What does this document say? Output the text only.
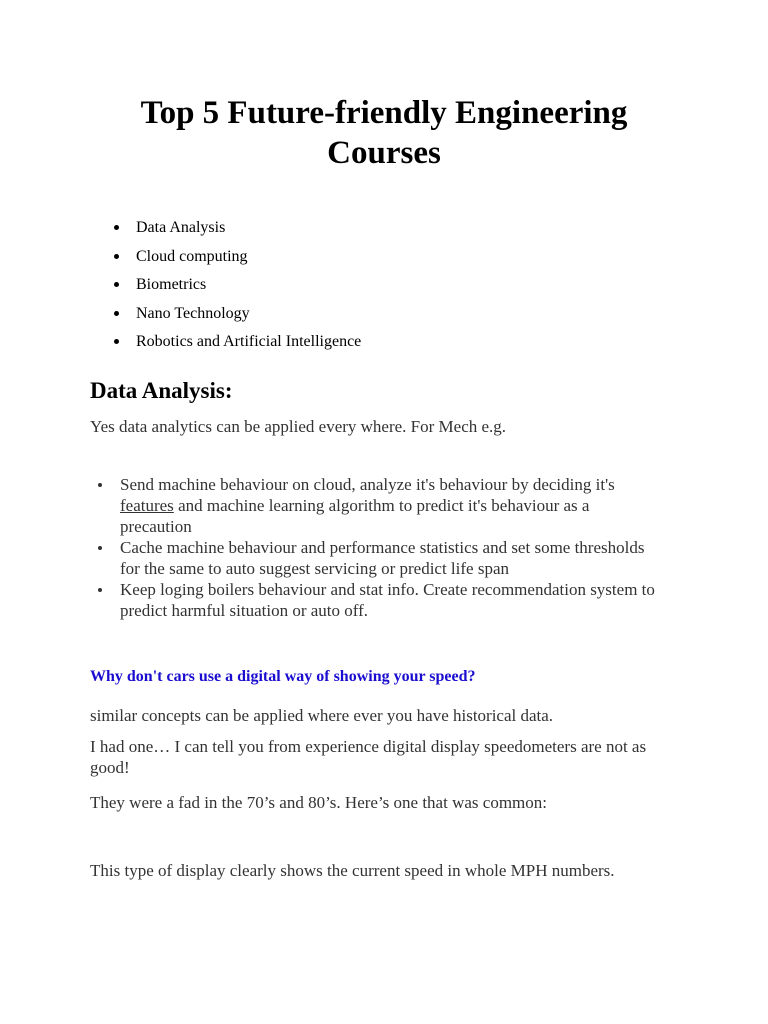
Top 5 Future-friendly Engineering
Courses
Data Analysis
Cloud computing
Biometrics
Nano Technology
Robotics and Artificial Intelligence
Data Analysis:

Yes data analytics can be applied every where. For Mech e.g.

Send machine behaviour on cloud, analyze it's behaviour by deciding it's features and machine learning algorithm to predict it's behaviour as a precaution
Cache machine behaviour and performance statistics and set some thresholds for the same to auto suggest servicing or predict life span
Keep loging boilers behaviour and stat info. Create recommendation system to predict harmful situation or auto off.
Why don't cars use a digital way of showing your speed?

similar concepts can be applied where ever you have historical data.

I had one… I can tell you from experience digital display speedometers are not as good!

They were a fad in the 70’s and 80’s. Here’s one that was common:

This type of display clearly shows the current speed in whole MPH numbers.
